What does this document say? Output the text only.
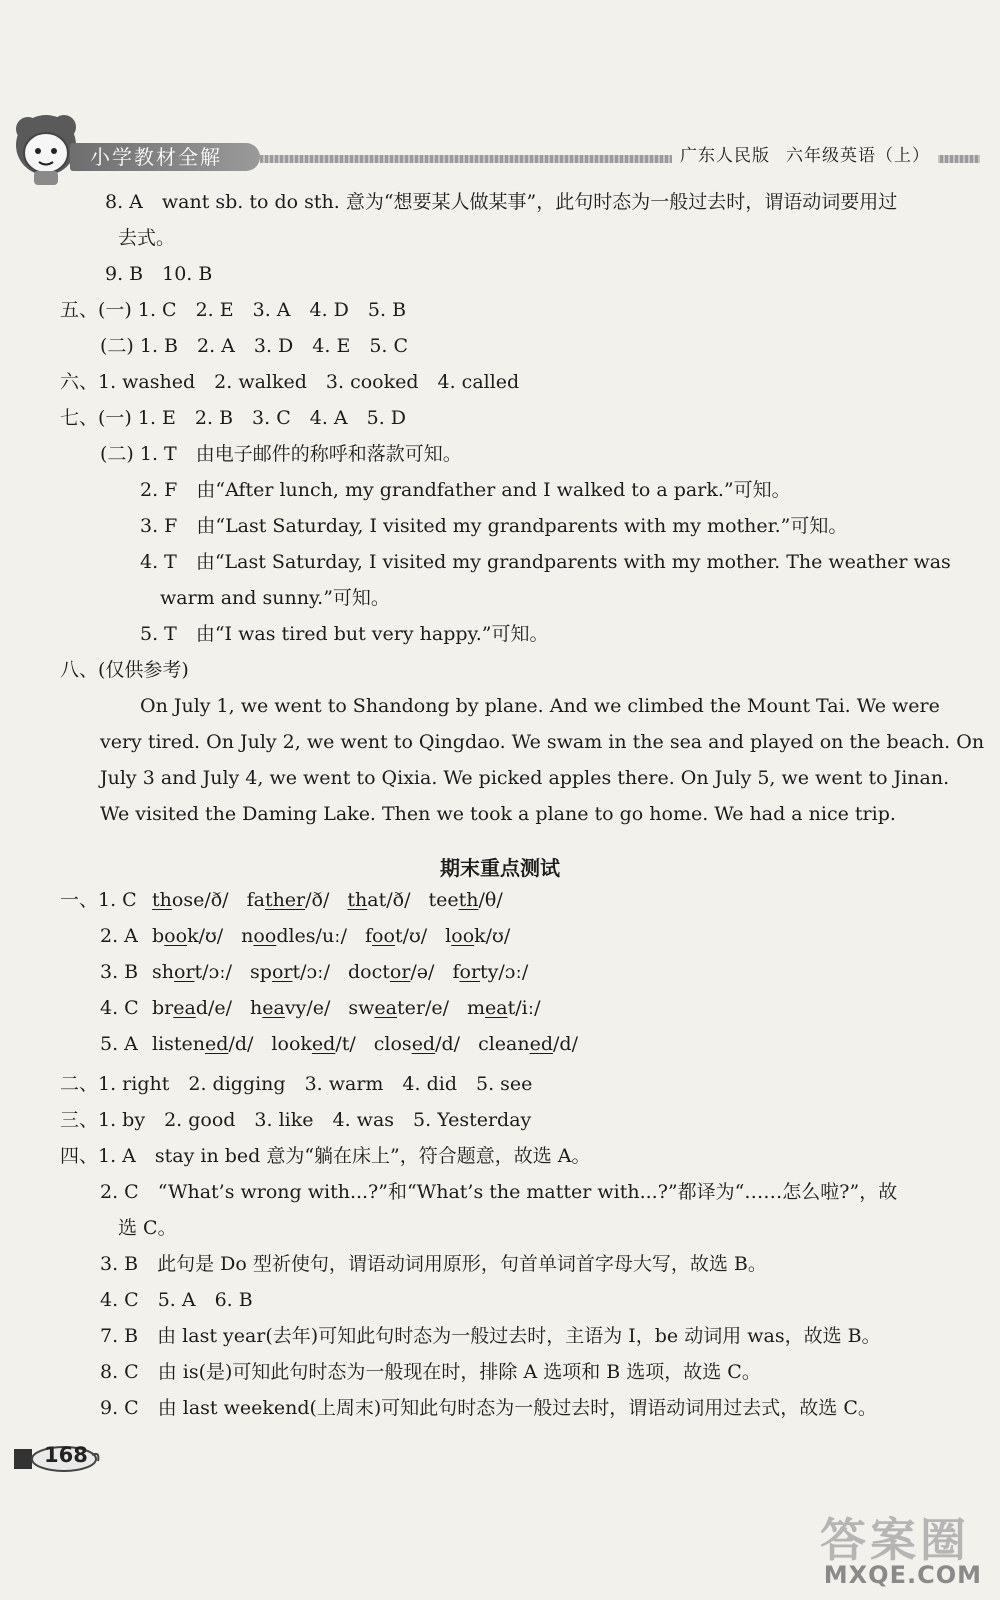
小学教材全解	广东人民版 六年级英语（上）
8. A　want sb. to do sth. 意为“想要某人做某事”，此句时态为一般过去时，谓语动词要用过
去式。
9. B　10. B
五、(一) 1. C　2. E　3. A　4. D　5. B
(二) 1. B　2. A　3. D　4. E　5. C
六、1. washed　2. walked　3. cooked　4. called
七、(一) 1. E　2. B　3. C　4. A　5. D
(二) 1. T　由电子邮件的称呼和落款可知。
2. F　由“After lunch, my grandfather and I walked to a park.”可知。
3. F　由“Last Saturday, I visited my grandparents with my mother.”可知。
4. T　由“Last Saturday, I visited my grandparents with my mother. The weather was
warm and sunny.”可知。
5. T　由“I was tired but very happy.”可知。
八、(仅供参考)
On July 1, we went to Shandong by plane. And we climbed the Mount Tai. We were
very tired. On July 2, we went to Qingdao. We swam in the sea and played on the beach. On
July 3 and July 4, we went to Qixia. We picked apples there. On July 5, we went to Jinan.
We visited the Daming Lake. Then we took a plane to go home. We had a nice trip.
期末重点测试
一、1. C those/ð/ father/ð/ that/ð/ teeth/θ/
2. A book/ʊ/ noodles/uː/ foot/ʊ/ look/ʊ/
3. B short/ɔː/ sport/ɔː/ doctor/ə/ forty/ɔː/
4. C bread/e/ heavy/e/ sweater/e/ meat/iː/
5. A listened/d/ looked/t/ closed/d/ cleaned/d/
二、1. right　2. digging　3. warm　4. did　5. see
三、1. by　2. good　3. like　4. was　5. Yesterday
四、1. A　stay in bed 意为“躺在床上”，符合题意，故选 A。
2. C　“What’s wrong with...?”和“What’s the matter with...?”都译为“……怎么啦?”，故
选 C。
3. B　此句是 Do 型祈使句，谓语动词用原形，句首单词首字母大写，故选 B。
4. C　5. A　6. B
7. B　由 last year(去年)可知此句时态为一般过去时，主语为 I，be 动词用 was，故选 B。
8. C　由 is(是)可知此句时态为一般现在时，排除 A 选项和 B 选项，故选 C。
9. C　由 last weekend(上周末)可知此句时态为一般过去时，谓语动词用过去式，故选 C。
168
答案圈
MXQE.COM
